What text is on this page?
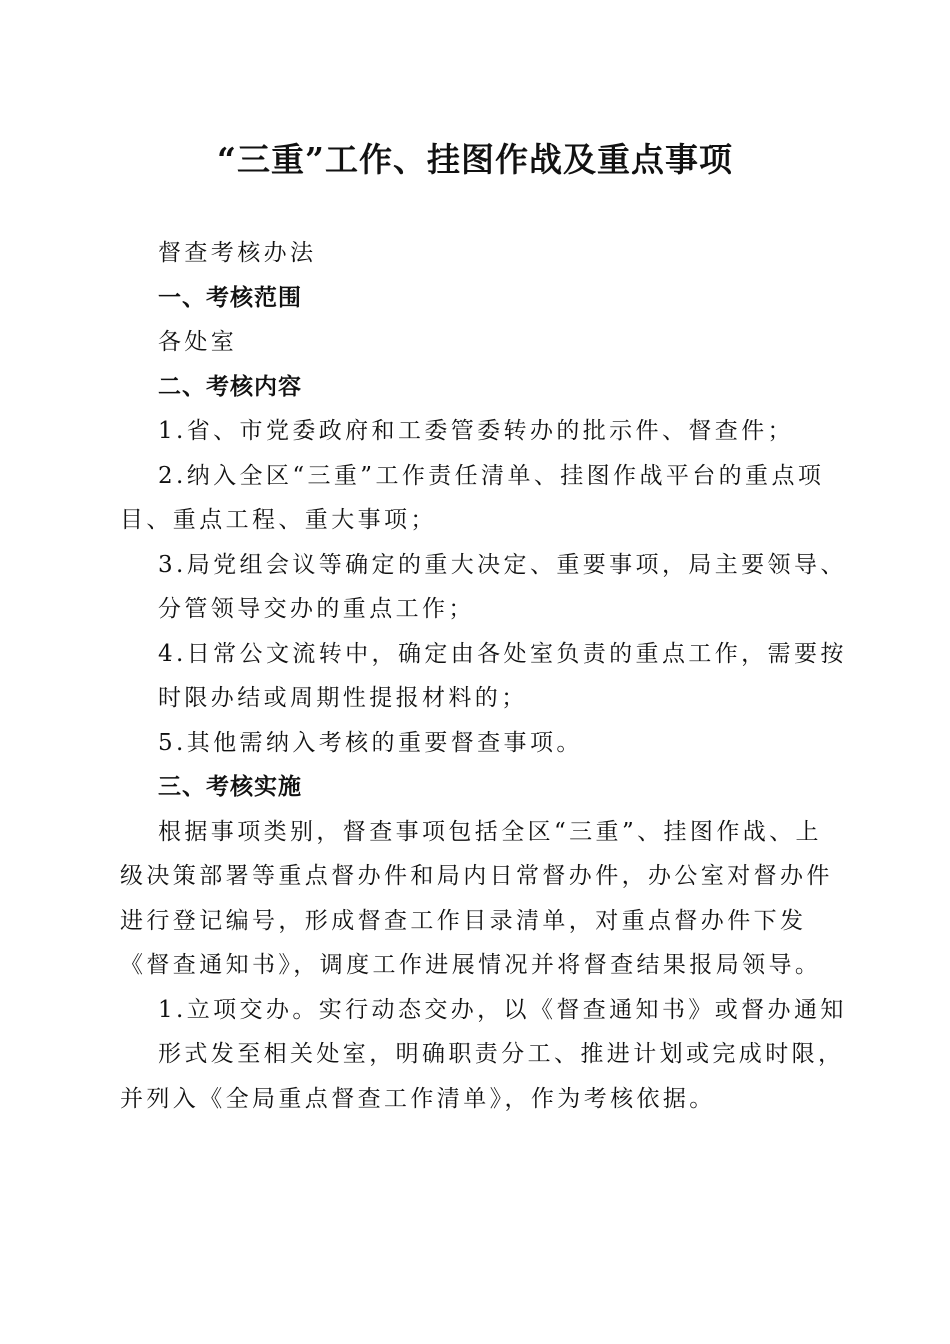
“三重”工作、挂图作战及重点事项
督查考核办法
一、考核范围
各处室
二、考核内容
1.省、市党委政府和工委管委转办的批示件、督查件；
2.纳入全区“三重”工作责任清单、挂图作战平台的重点项
目、重点工程、重大事项；
3.局党组会议等确定的重大决定、重要事项，局主要领导、
分管领导交办的重点工作；
4.日常公文流转中，确定由各处室负责的重点工作，需要按
时限办结或周期性提报材料的；
5.其他需纳入考核的重要督查事项。
三、考核实施
根据事项类别，督查事项包括全区“三重”、挂图作战、上
级决策部署等重点督办件和局内日常督办件，办公室对督办件
进行登记编号，形成督查工作目录清单，对重点督办件下发
《督查通知书》，调度工作进展情况并将督查结果报局领导。
1.立项交办。实行动态交办，以《督查通知书》或督办通知
形式发至相关处室，明确职责分工、推进计划或完成时限，
并列入《全局重点督查工作清单》，作为考核依据。
